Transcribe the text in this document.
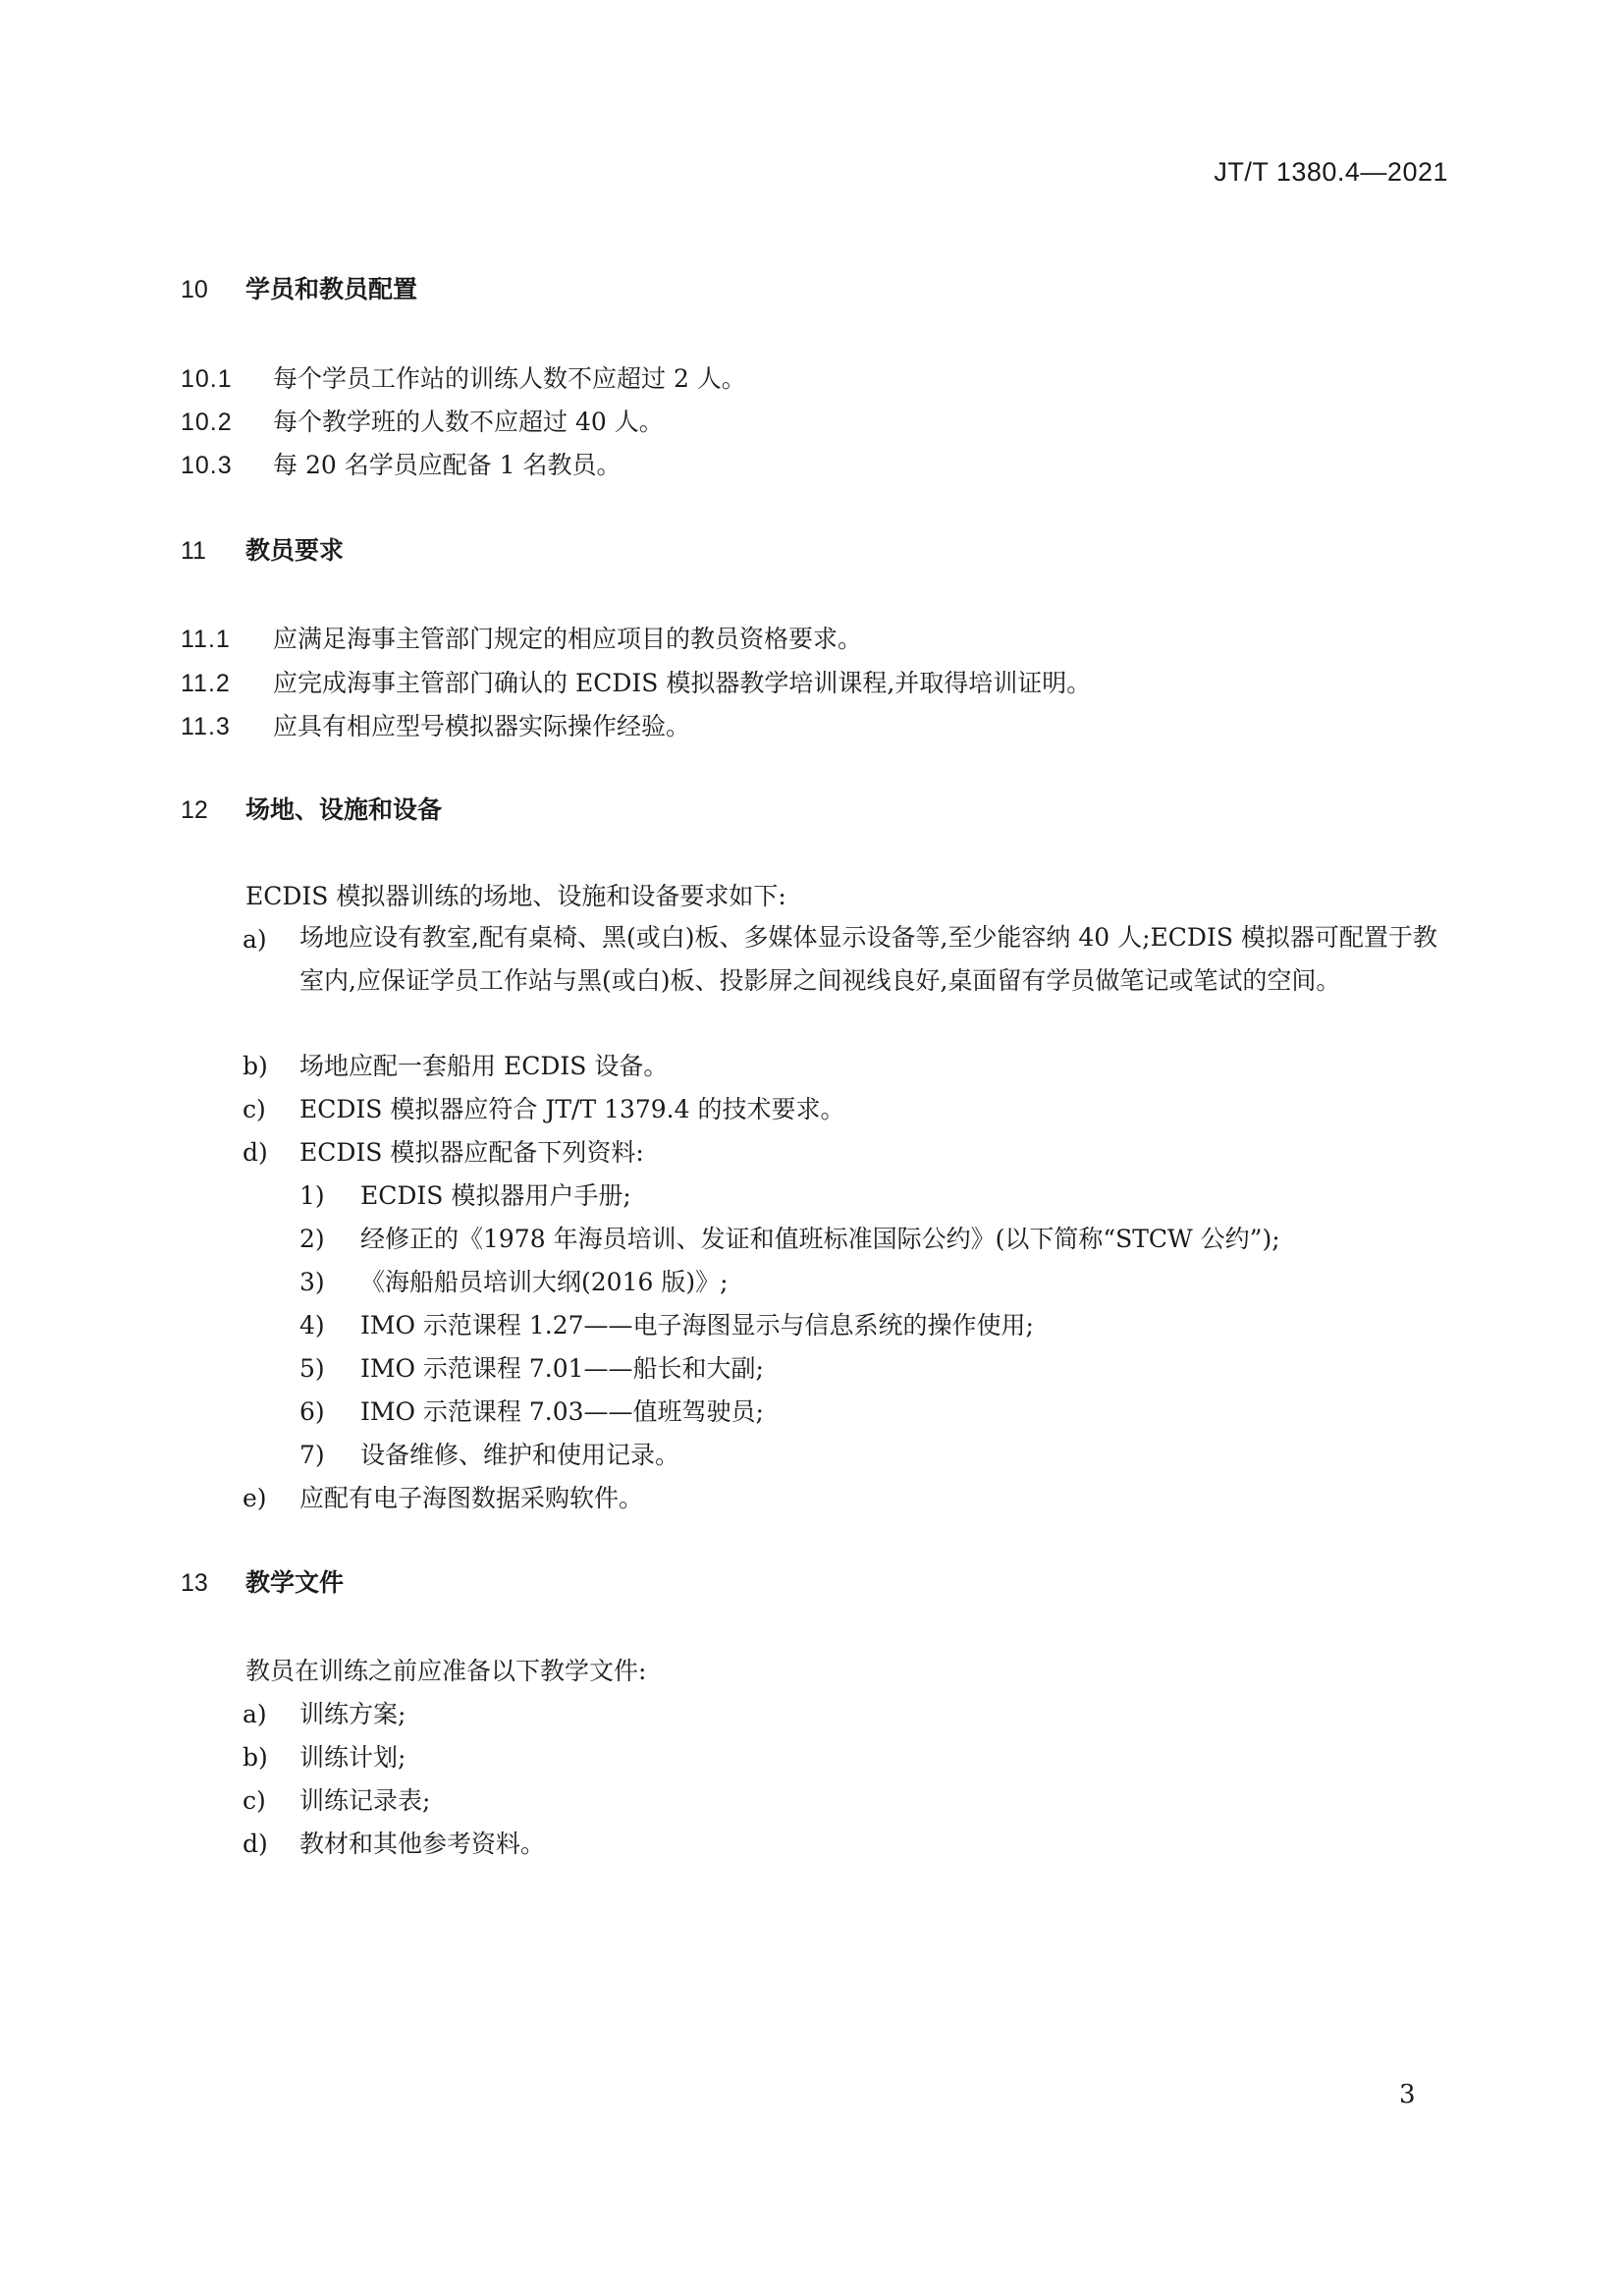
JT/T 1380.4—2021
10 学员和教员配置
10.1 每个学员工作站的训练人数不应超过 2 人。
10.2 每个教学班的人数不应超过 40 人。
10.3 每 20 名学员应配备 1 名教员。
11 教员要求
11.1 应满足海事主管部门规定的相应项目的教员资格要求。
11.2 应完成海事主管部门确认的 ECDIS 模拟器教学培训课程,并取得培训证明。
11.3 应具有相应型号模拟器实际操作经验。
12 场地、设施和设备
ECDIS 模拟器训练的场地、设施和设备要求如下:
a) 场地应设有教室,配有桌椅、黑(或白)板、多媒体显示设备等,至少能容纳 40 人;ECDIS 模拟器可配置于教室内,应保证学员工作站与黑(或白)板、投影屏之间视线良好,桌面留有学员做笔记或笔试的空间。
b) 场地应配一套船用 ECDIS 设备。
c) ECDIS 模拟器应符合 JT/T 1379.4 的技术要求。
d) ECDIS 模拟器应配备下列资料:
1) ECDIS 模拟器用户手册;
2) 经修正的《1978 年海员培训、发证和值班标准国际公约》(以下简称“STCW 公约”);
3) 《海船船员培训大纲(2016 版)》;
4) IMO 示范课程 1.27——电子海图显示与信息系统的操作使用;
5) IMO 示范课程 7.01——船长和大副;
6) IMO 示范课程 7.03——值班驾驶员;
7) 设备维修、维护和使用记录。
e) 应配有电子海图数据采购软件。
13 教学文件
教员在训练之前应准备以下教学文件:
a) 训练方案;
b) 训练计划;
c) 训练记录表;
d) 教材和其他参考资料。
3
